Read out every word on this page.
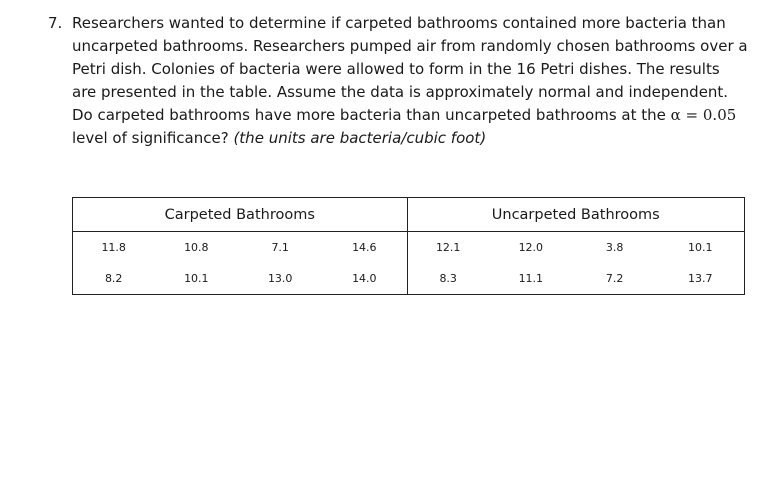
7. Researchers wanted to determine if carpeted bathrooms contained more bacteria than uncarpeted bathrooms. Researchers pumped air from randomly chosen bathrooms over a Petri dish. Colonies of bacteria were allowed to form in the 16 Petri dishes. The results are presented in the table. Assume the data is approximately normal and independent. Do carpeted bathrooms have more bacteria than uncarpeted bathrooms at the α = 0.05 level of significance? (the units are bacteria/cubic foot)
Carpeted Bathrooms				Uncarpeted Bathrooms			
11.8	10.8	7.1	14.6	12.1	12.0	3.8	10.1
8.2	10.1	13.0	14.0	8.3	11.1	7.2	13.7
